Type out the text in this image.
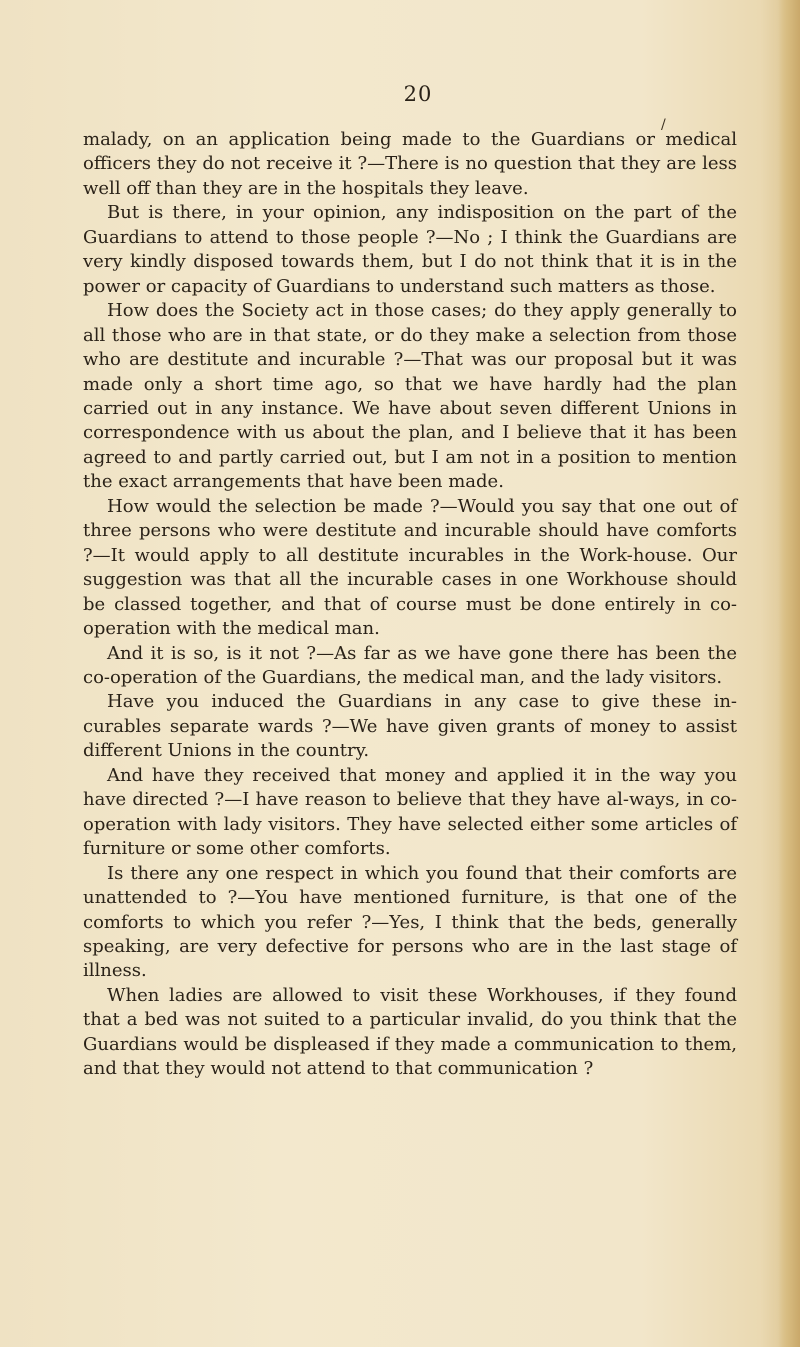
20
/

malady, on an application being made to the Guardians or medical officers they do not receive it ?—There is no question that they are less well off than they are in the hospitals they leave.

But is there, in your opinion, any indisposition on the part of the Guardians to attend to those people ?—No ; I think the Guardians are very kindly disposed towards them, but I do not think that it is in the power or capacity of Guardians to understand such matters as those.

How does the Society act in those cases; do they apply generally to all those who are in that state, or do they make a selection from those who are destitute and incurable ?—That was our proposal but it was made only a short time ago, so that we have hardly had the plan carried out in any instance. We have about seven different Unions in correspondence with us about the plan, and I believe that it has been agreed to and partly carried out, but I am not in a position to mention the exact arrangements that have been made.

How would the selection be made ?—Would you say that one out of three persons who were destitute and incurable should have comforts ?—It would apply to all destitute incurables in the Work-house. Our suggestion was that all the incurable cases in one Workhouse should be classed together, and that of course must be done entirely in co-operation with the medical man.

And it is so, is it not ?—As far as we have gone there has been the co-operation of the Guardians, the medical man, and the lady visitors.

Have you induced the Guardians in any case to give these in-curables separate wards ?—We have given grants of money to assist different Unions in the country.

And have they received that money and applied it in the way you have directed ?—I have reason to believe that they have al-ways, in co-operation with lady visitors. They have selected either some articles of furniture or some other comforts.

Is there any one respect in which you found that their comforts are unattended to ?—You have mentioned furniture, is that one of the comforts to which you refer ?—Yes, I think that the beds, generally speaking, are very defective for persons who are in the last stage of illness.

When ladies are allowed to visit these Workhouses, if they found that a bed was not suited to a particular invalid, do you think that the Guardians would be displeased if they made a communication to them, and that they would not attend to that communication ?
